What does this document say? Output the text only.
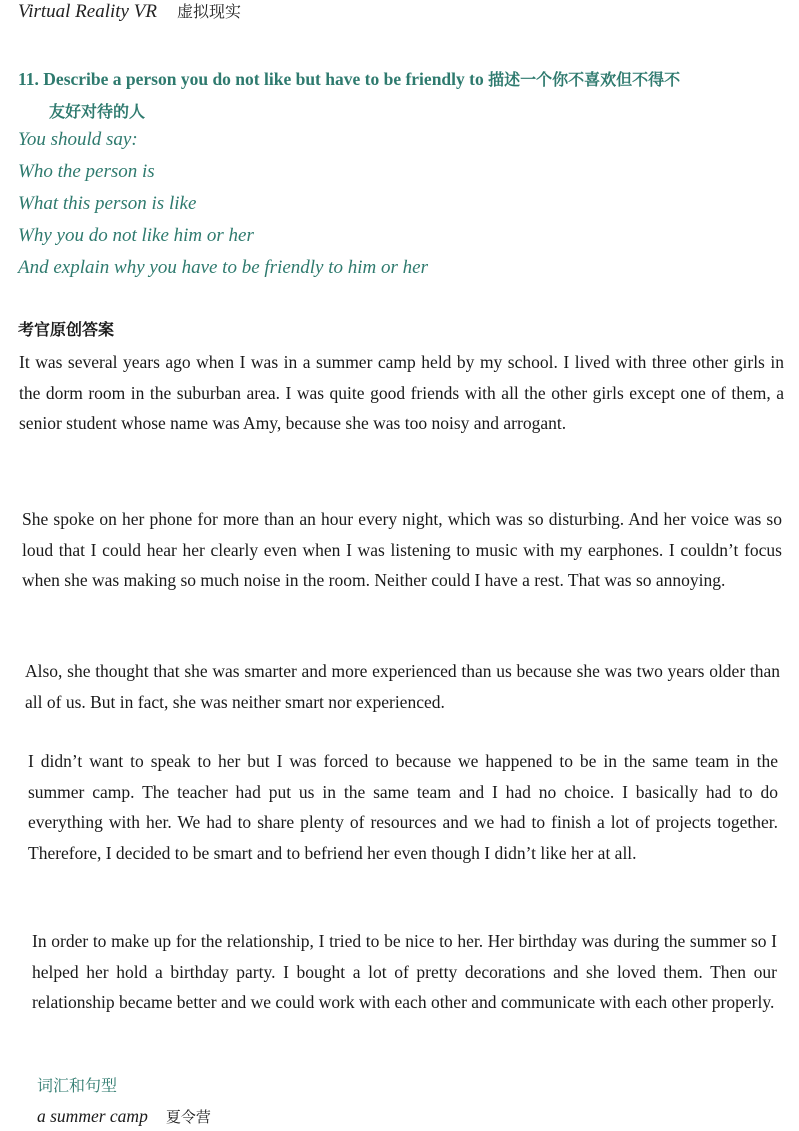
Virtual Reality VR 虚拟现实
11. Describe a person you do not like but have to be friendly to 描述一个你不喜欢但不得不
友好对待的人
You should say:
Who the person is
What this person is like
Why you do not like him or her
And explain why you have to be friendly to him or her
考官原创答案
It was several years ago when I was in a summer camp held by my school. I lived with three other girls in the dorm room in the suburban area. I was quite good friends with all the other girls except one of them, a senior student whose name was Amy, because she was too noisy and arrogant.
She spoke on her phone for more than an hour every night, which was so disturbing. And her voice was so loud that I could hear her clearly even when I was listening to music with my earphones. I couldn’t focus when she was making so much noise in the room. Neither could I have a rest. That was so annoying.
Also, she thought that she was smarter and more experienced than us because she was two years older than all of us. But in fact, she was neither smart nor experienced.
I didn’t want to speak to her but I was forced to because we happened to be in the same team in the summer camp. The teacher had put us in the same team and I had no choice. I basically had to do everything with her. We had to share plenty of resources and we had to finish a lot of projects together. Therefore, I decided to be smart and to befriend her even though I didn’t like her at all.
In order to make up for the relationship, I tried to be nice to her. Her birthday was during the summer so I helped her hold a birthday party. I bought a lot of pretty decorations and she loved them. Then our relationship became better and we could work with each other and communicate with each other properly.
词汇和句型
a summer camp 夏令营
